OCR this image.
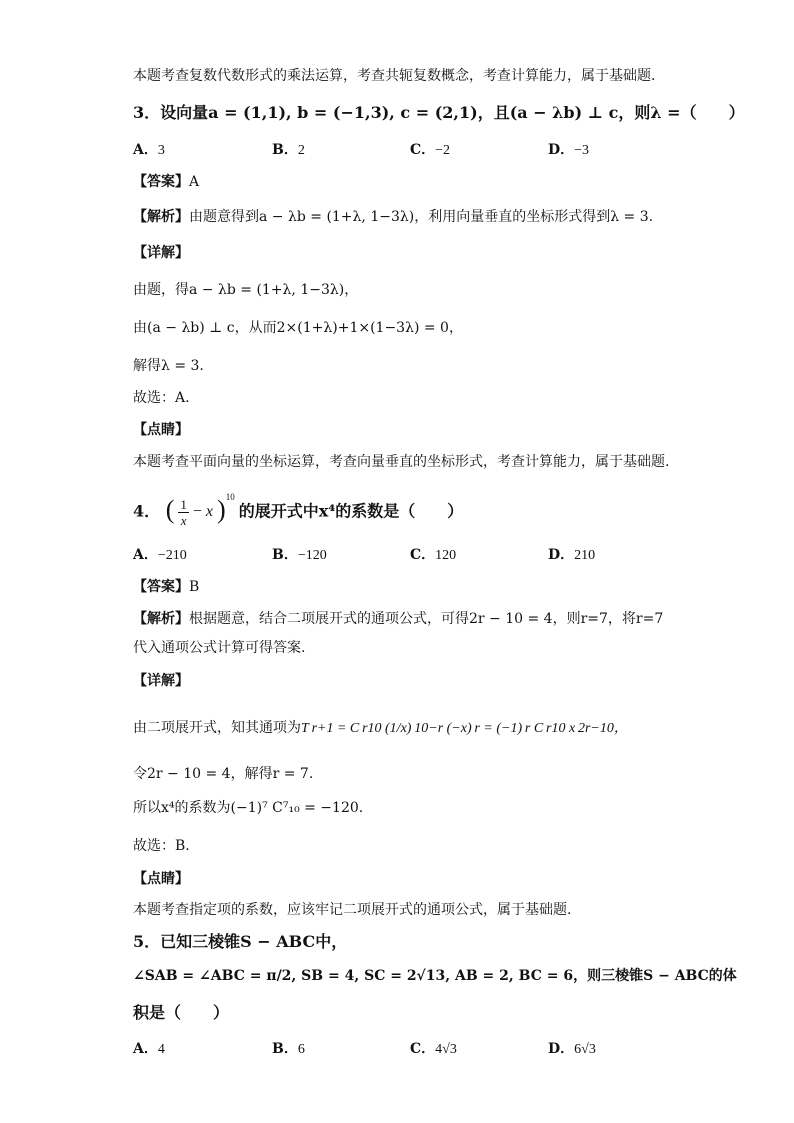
本题考查复数代数形式的乘法运算，考查共轭复数概念，考查计算能力，属于基础题.
3．设向量a = (1,1), b = (−1,3), c = (2,1)，且(a − λb) ⊥ c，则λ =（　　）
A．3	B．2	C．−2	D．−3
【答案】A
【解析】由题意得到a − λb = (1+λ, 1−3λ)，利用向量垂直的坐标形式得到λ = 3.
【详解】
由题，得a − λb = (1+λ, 1−3λ)，
由(a − λb) ⊥ c，从而2×(1+λ)+1×(1−3λ) = 0，
解得λ = 3.
故选：A.
【点睛】
本题考查平面向量的坐标运算，考查向量垂直的坐标形式，考查计算能力，属于基础题.
4． ( $\frac{1}{x} - x$ )$^{10}$ 的展开式中x⁴的系数是（　　）
A．−210	B．−120	C．120	D．210
【答案】B
【解析】根据题意，结合二项展开式的通项公式，可得2r − 10 = 4，则r=7，将r=7
代入通项公式计算可得答案.
【详解】
由二项展开式，知其通项为T r+1 = C r10 (1/x) 10−r (−x) r = (−1) r C r10 x 2r−10，
令2r − 10 = 4，解得r = 7.
所以x⁴的系数为(−1)⁷ C⁷₁₀ = −120.
故选：B.
【点睛】
本题考查指定项的系数，应该牢记二项展开式的通项公式，属于基础题.
5．已知三棱锥S − ABC中，
∠SAB = ∠ABC = π/2, SB = 4, SC = 2√13, AB = 2, BC = 6，则三棱锥S − ABC的体
积是（　　）
A．4	B．6	C．4√3	D．6√3
